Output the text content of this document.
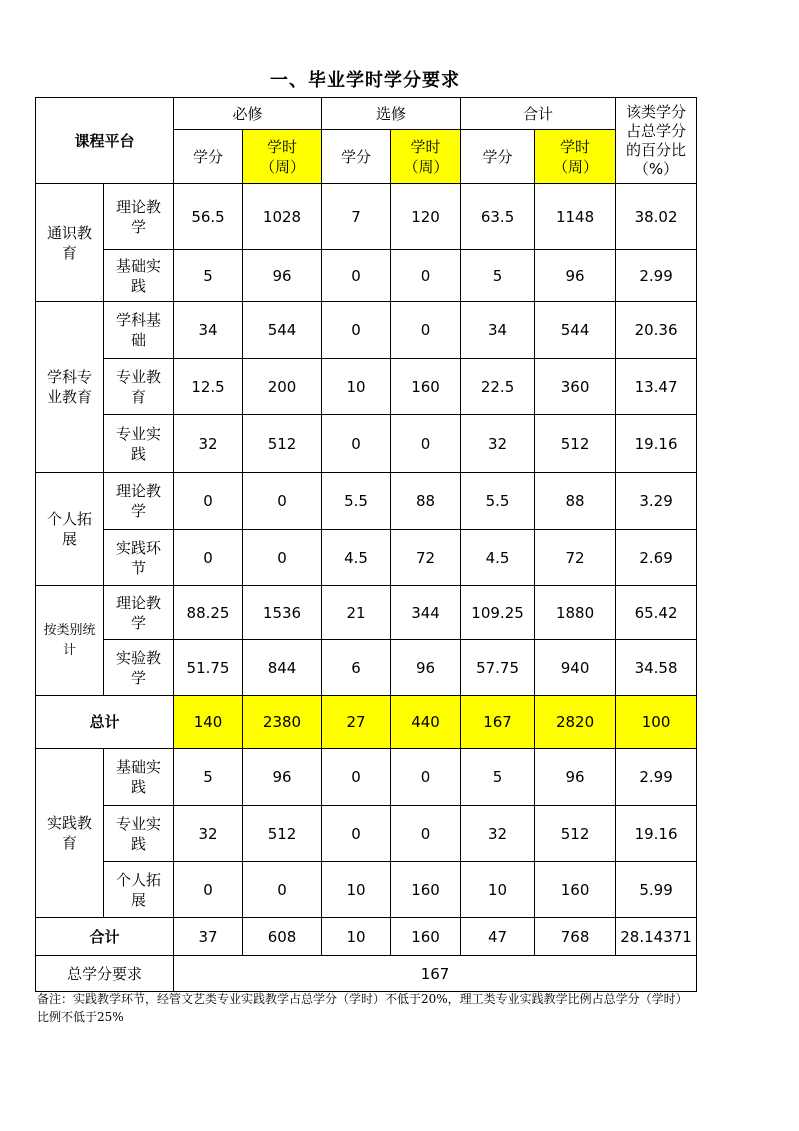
一、毕业学时学分要求
课程平台		必修		选修		合计		该类学分占总学分的百分比（%）
		学分	学时（周）	学分	学时（周）	学分	学时（周）	
通识教育	理论教学	56.5	1028	7	120	63.5	1148	38.02
	基础实践	5	96	0	0	5	96	2.99
学科专业教育	学科基础	34	544	0	0	34	544	20.36
	专业教育	12.5	200	10	160	22.5	360	13.47
	专业实践	32	512	0	0	32	512	19.16
个人拓展	理论教学	0	0	5.5	88	5.5	88	3.29
	实践环节	0	0	4.5	72	4.5	72	2.69
按类别统计	理论教学	88.25	1536	21	344	109.25	1880	65.42
	实验教学	51.75	844	6	96	57.75	940	34.58
总计		140	2380	27	440	167	2820	100
实践教育	基础实践	5	96	0	0	5	96	2.99
	专业实践	32	512	0	0	32	512	19.16
	个人拓展	0	0	10	160	10	160	5.99
合计		37	608	10	160	47	768	28.14371
总学分要求		167						
备注：实践教学环节，经管文艺类专业实践教学占总学分（学时）不低于20%，理工类专业实践教学比例占总学分（学时）比例不低于25%
